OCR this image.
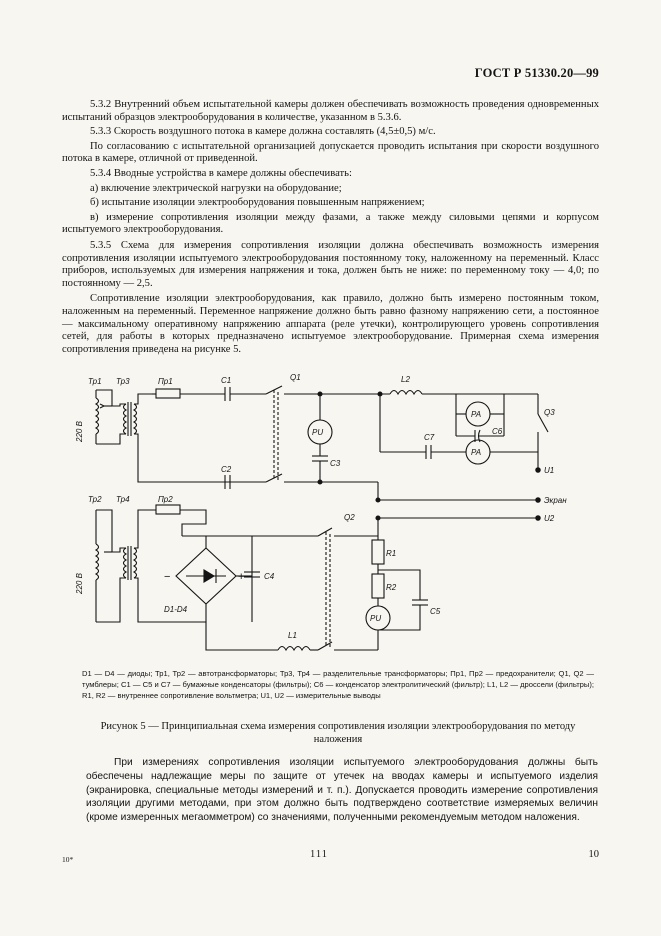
ГОСТ Р 51330.20—99

5.3.2 Внутренний объем испытательной камеры должен обеспечивать возможность проведения одновременных испытаний образцов электрооборудования в количестве, указанном в 5.3.6.

5.3.3 Скорость воздушного потока в камере должна составлять (4,5±0,5) м/с.

По согласованию с испытательной организацией допускается проводить испытания при скорости воздушного потока в камере, отличной от приведенной.

5.3.4 Вводные устройства в камере должны обеспечивать:

а) включение электрической нагрузки на оборудование;

б) испытание изоляции электрооборудования повышенным напряжением;

в) измерение сопротивления изоляции между фазами, а также между силовыми цепями и корпусом испытуемого электрооборудования.

5.3.5 Схема для измерения сопротивления изоляции должна обеспечивать возможность измерения сопротивления изоляции испытуемого электрооборудования постоянному току, наложенному на переменный. Класс приборов, используемых для измерения напряжения и тока, должен быть не ниже: по переменному току — 4,0; по постоянному — 2,5.

Сопротивление изоляции электрооборудования, как правило, должно быть измерено постоянным током, наложенным на переменный. Переменное напряжение должно быть равно фазному напряжению сети, а постоянное — максимальному оперативному напряжению аппарата (реле утечки), контролирующего уровень сопротивления сетей, для работы в которых предназначено испытуемое электрооборудование. Примерная схема измерения сопротивления приведена на рисунке 5.

Тр1 Тр3	Пр1	C1	Q1	L2
PA
C6
Q3
PU
C3
C7
PA
U1
C2
220 В
Тр2 Тр4	Пр2	Экран
Q2	U2
C4
R1
D1-D4
R2
PU
C5
L1
220 В	−	+
D1 — D4 — диоды; Тр1, Тр2 — автотрансформаторы; Тр3, Тр4 — разделительные трансформаторы; Пр1, Пр2 — предохранители; Q1, Q2 — тумблеры; C1 — C5 и C7 — бумажные конденсаторы (фильтры); C6 — конденсатор электролитический (фильтр); L1, L2 — дроссели (фильтры); R1, R2 — внутреннее сопротивление вольтметра; U1, U2 — измерительные выводы
Рисунок 5 — Принципиальная схема измерения сопротивления изоляции электрооборудования по методу наложения

При измерениях сопротивления изоляции испытуемого электрооборудования должны быть обеспечены надлежащие меры по защите от утечек на вводах камеры и испытуемого изделия (экранировка, специальные методы измерений и т. п.). Допускается проводить измерение сопротивления изоляции другими методами, при этом должно быть подтверждено соответствие измеряемых величин (кроме измеренных мегаомметром) со значениями, полученными рекомендуемым методом наложения.

10*	111	10
